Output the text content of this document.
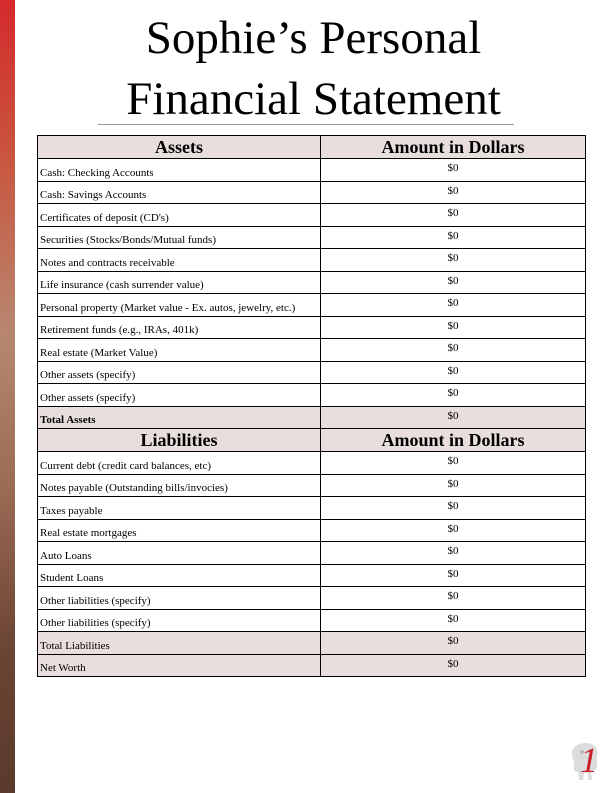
Sophie’s Personal
Financial Statement
Assets	Amount in Dollars
Cash: Checking Accounts	$0
Cash: Savings Accounts	$0
Certificates of deposit (CD's)	$0
Securities (Stocks/Bonds/Mutual funds)	$0
Notes and contracts receivable	$0
Life insurance (cash surrender value)	$0
Personal property (Market value - Ex. autos, jewelry, etc.)	$0
Retirement funds (e.g., IRAs, 401k)	$0
Real estate (Market Value)	$0
Other assets (specify)	$0
Other assets (specify)	$0
Total Assets	$0
Liabilities	Amount in Dollars
Current debt (credit card balances, etc)	$0
Notes payable (Outstanding bills/invocies)	$0
Taxes payable	$0
Real estate mortgages	$0
Auto Loans	$0
Student Loans	$0
Other liabilities (specify)	$0
Other liabilities (specify)	$0
Total Liabilities	$0
Net Worth	$0
1
